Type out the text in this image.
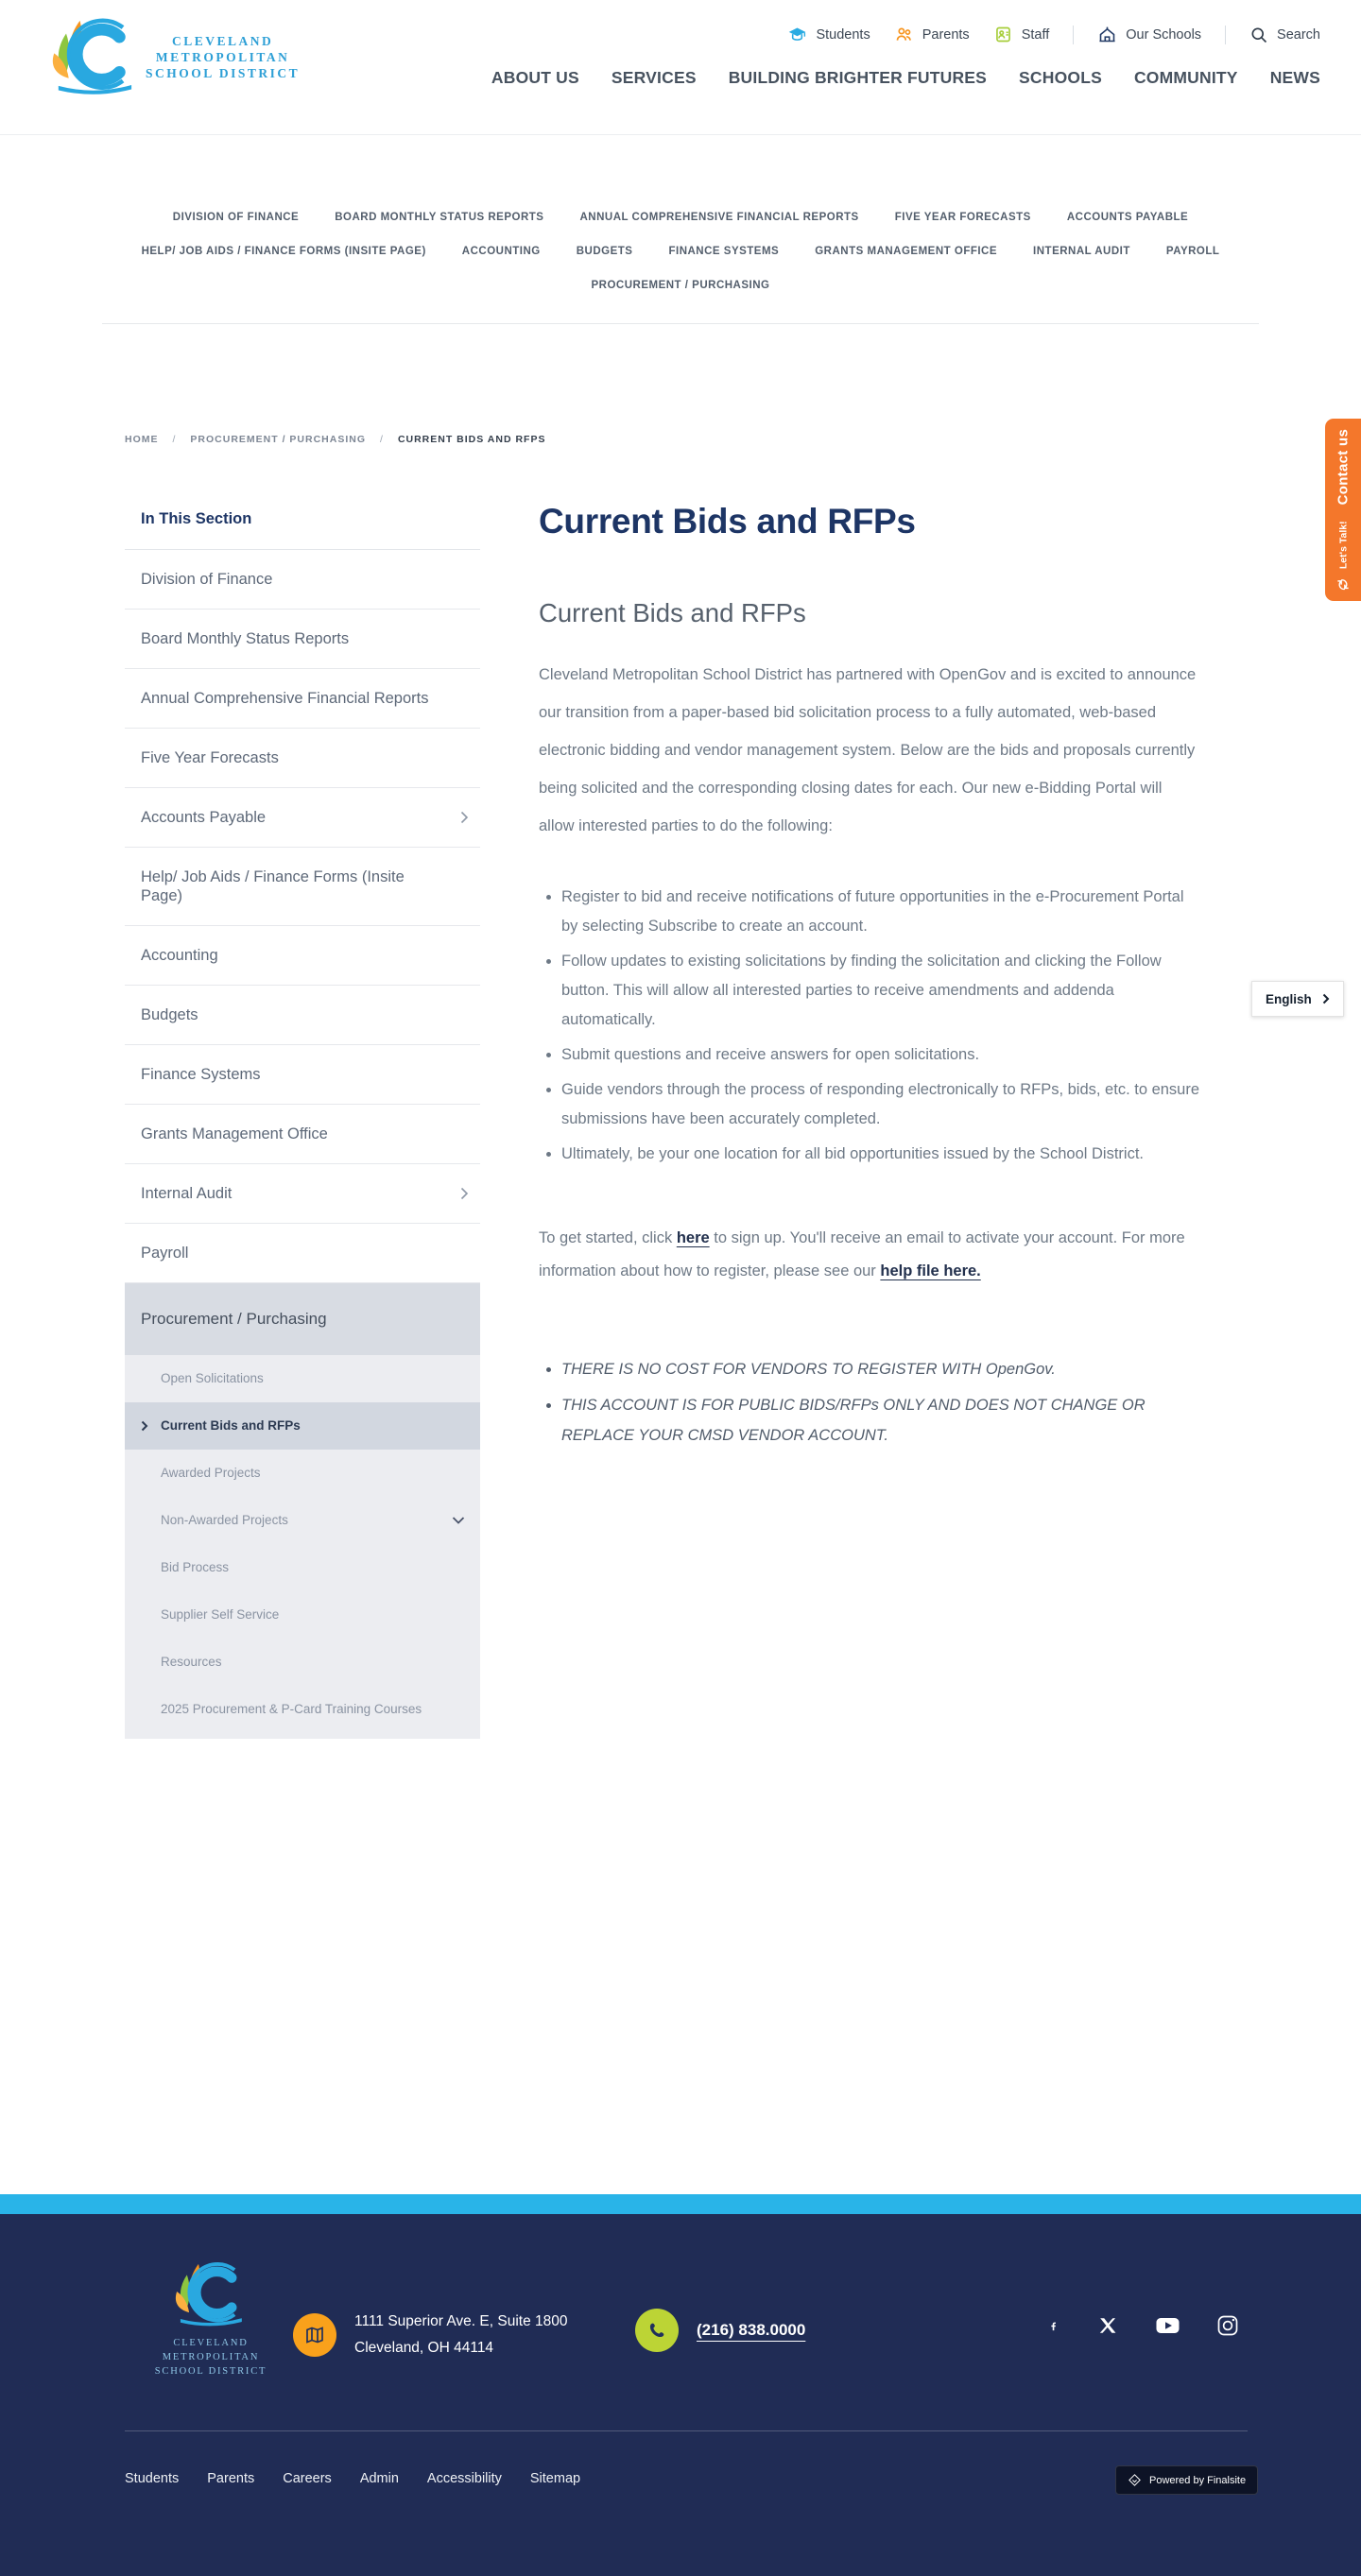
CLEVELAND
METROPOLITAN
SCHOOL DISTRICT
Students	Parents	Staff	Our Schools	Search
ABOUT US SERVICES BUILDING BRIGHTER FUTURES SCHOOLS COMMUNITY NEWS
DIVISION OF FINANCE	BOARD MONTHLY STATUS REPORTS	ANNUAL COMPREHENSIVE FINANCIAL REPORTS	FIVE YEAR FORECASTS	ACCOUNTS PAYABLE
HELP/ JOB AIDS / FINANCE FORMS (INSITE PAGE)	ACCOUNTING	BUDGETS	FINANCE SYSTEMS	GRANTS MANAGEMENT OFFICE	INTERNAL AUDIT	PAYROLL
PROCUREMENT / PURCHASING
HOME / PROCUREMENT / PURCHASING / CURRENT BIDS AND RFPS
In This Section
Division of Finance
Board Monthly Status Reports
Annual Comprehensive Financial Reports
Five Year Forecasts
Accounts Payable
Help/ Job Aids / Finance Forms (Insite Page)
Accounting
Budgets
Finance Systems
Grants Management Office
Internal Audit
Payroll
Procurement / Purchasing
Open Solicitations
Current Bids and RFPs
Awarded Projects
Non-Awarded Projects
Bid Process
Supplier Self Service
Resources
2025 Procurement & P-Card Training Courses
Current Bids and RFPs
Current Bids and RFPs

Cleveland Metropolitan School District has partnered with OpenGov and is excited to announce our transition from a paper-based bid solicitation process to a fully automated, web-based electronic bidding and vendor management system. Below are the bids and proposals currently being solicited and the corresponding closing dates for each. Our new e-Bidding Portal will allow interested parties to do the following:

• Register to bid and receive notifications of future opportunities in the e-Procurement Portal by selecting Subscribe to create an account.
• Follow updates to existing solicitations by finding the solicitation and clicking the Follow button. This will allow all interested parties to receive amendments and addenda automatically.
• Submit questions and receive answers for open solicitations.
• Guide vendors through the process of responding electronically to RFPs, bids, etc. to ensure submissions have been accurately completed.
• Ultimately, be your one location for all bid opportunities issued by the School District.

To get started, click here to sign up. You'll receive an email to activate your account. For more information about how to register, please see our help file here.

• THERE IS NO COST FOR VENDORS TO REGISTER WITH OpenGov.
• THIS ACCOUNT IS FOR PUBLIC BIDS/RFPs ONLY AND DOES NOT CHANGE OR REPLACE YOUR CMSD VENDOR ACCOUNT.
English
Let's Talk!
Contact us
CLEVELAND
METROPOLITAN
SCHOOL DISTRICT
1111 Superior Ave. E, Suite 1800
Cleveland, OH 44114
(216) 838.0000
Students Parents Careers Admin Accessibility Sitemap	Powered by Finalsite
